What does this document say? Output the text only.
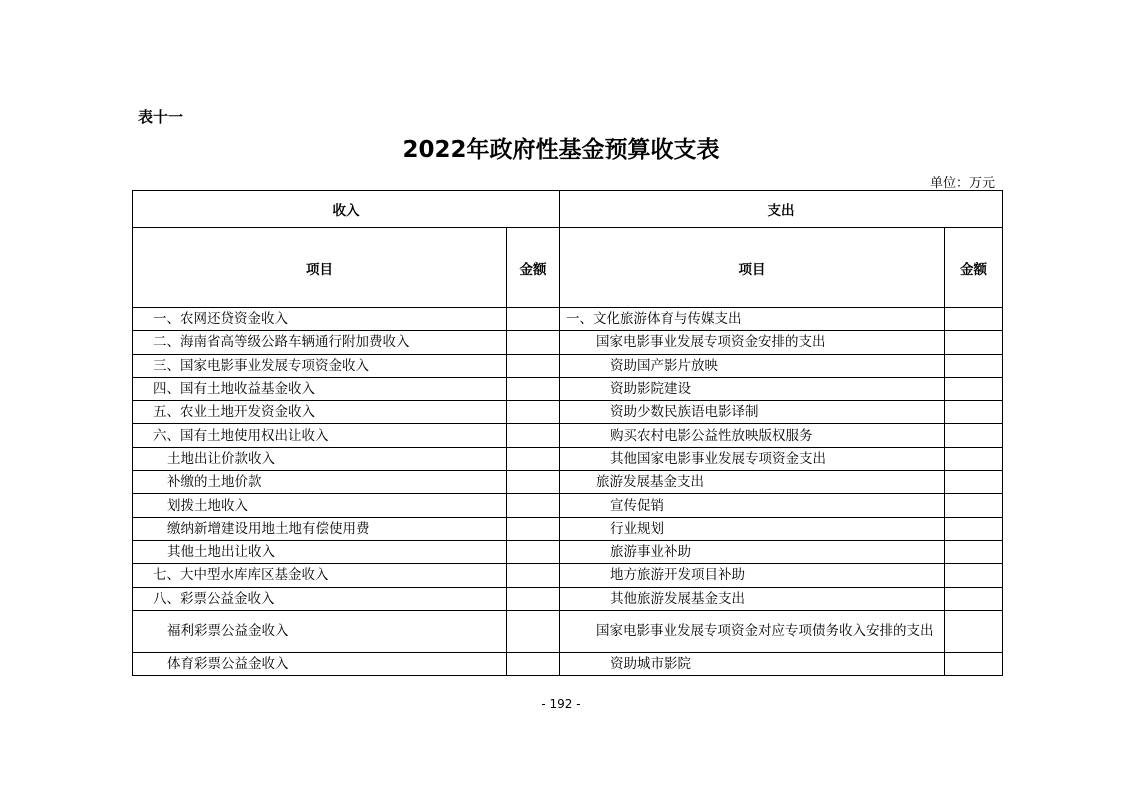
表十一
2022年政府性基金预算收支表
单位：万元
收入		支出	
项目	金额	项目	金额
一、农网还贷资金收入		一、文化旅游体育与传媒支出	
二、海南省高等级公路车辆通行附加费收入		国家电影事业发展专项资金安排的支出	
三、国家电影事业发展专项资金收入		资助国产影片放映	
四、国有土地收益基金收入		资助影院建设	
五、农业土地开发资金收入		资助少数民族语电影译制	
六、国有土地使用权出让收入		购买农村电影公益性放映版权服务	
土地出让价款收入		其他国家电影事业发展专项资金支出	
补缴的土地价款		旅游发展基金支出	
划拨土地收入		宣传促销	
缴纳新增建设用地土地有偿使用费		行业规划	
其他土地出让收入		旅游事业补助	
七、大中型水库库区基金收入		地方旅游开发项目补助	
八、彩票公益金收入		其他旅游发展基金支出	
福利彩票公益金收入		国家电影事业发展专项资金对应专项债务收入安排的支出	
体育彩票公益金收入		资助城市影院	
- 192 -
